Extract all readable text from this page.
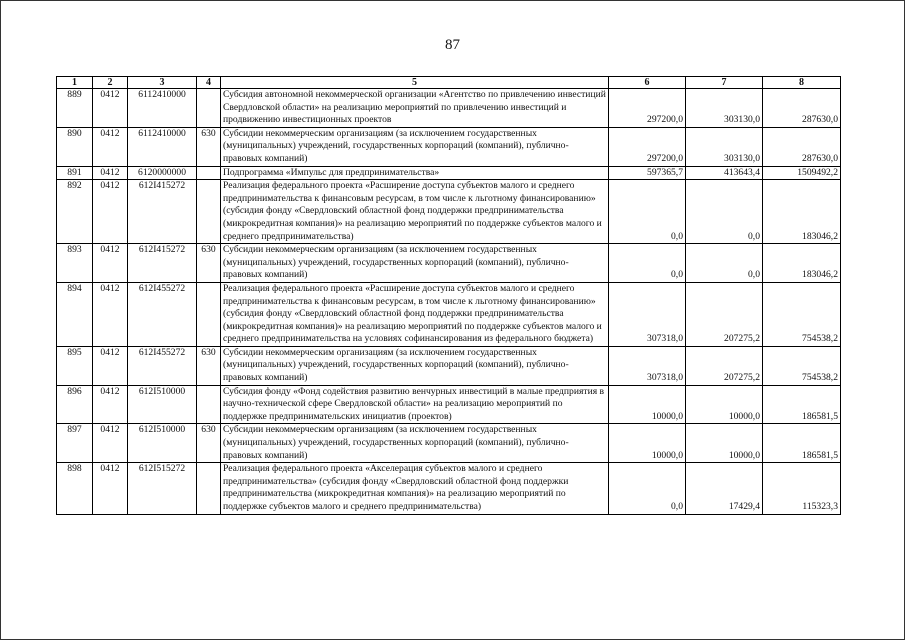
87
1	2	3	4	5	6	7	8
889	0412	6112410000		Субсидия автономной некоммерческой организации «Агентство по привлечению инвестиций Свердловской области» на реализацию мероприятий по привлечению инвестиций и продвижению инвестиционных проектов	297200,0	303130,0	287630,0
890	0412	6112410000	630	Субсидии некоммерческим организациям (за исключением государственных (муниципальных) учреждений, государственных корпораций (компаний), публично-правовых компаний)	297200,0	303130,0	287630,0
891	0412	6120000000		Подпрограмма «Импульс для предпринимательства»	597365,7	413643,4	1509492,2
892	0412	612I415272		Реализация федерального проекта «Расширение доступа субъектов малого и среднего предпринимательства к финансовым ресурсам, в том числе к льготному финансированию» (субсидия фонду «Свердловский областной фонд поддержки предпринимательства (микрокредитная компания)» на реализацию мероприятий по поддержке субъектов малого и среднего предпринимательства)	0,0	0,0	183046,2
893	0412	612I415272	630	Субсидии некоммерческим организациям (за исключением государственных (муниципальных) учреждений, государственных корпораций (компаний), публично-правовых компаний)	0,0	0,0	183046,2
894	0412	612I455272		Реализация федерального проекта «Расширение доступа субъектов малого и среднего предпринимательства к финансовым ресурсам, в том числе к льготному финансированию» (субсидия фонду «Свердловский областной фонд поддержки предпринимательства (микрокредитная компания)» на реализацию мероприятий по поддержке субъектов малого и среднего предпринимательства на условиях софинансирования из федерального бюджета)	307318,0	207275,2	754538,2
895	0412	612I455272	630	Субсидии некоммерческим организациям (за исключением государственных (муниципальных) учреждений, государственных корпораций (компаний), публично-правовых компаний)	307318,0	207275,2	754538,2
896	0412	612I510000		Субсидия фонду «Фонд содействия развитию венчурных инвестиций в малые предприятия в научно-технической сфере Свердловской области» на реализацию мероприятий по поддержке предпринимательских инициатив (проектов)	10000,0	10000,0	186581,5
897	0412	612I510000	630	Субсидии некоммерческим организациям (за исключением государственных (муниципальных) учреждений, государственных корпораций (компаний), публично-правовых компаний)	10000,0	10000,0	186581,5
898	0412	612I515272		Реализация федерального проекта «Акселерация субъектов малого и среднего предпринимательства» (субсидия фонду «Свердловский областной фонд поддержки предпринимательства (микрокредитная компания)» на реализацию мероприятий по поддержке субъектов малого и среднего предпринимательства)	0,0	17429,4	115323,3
